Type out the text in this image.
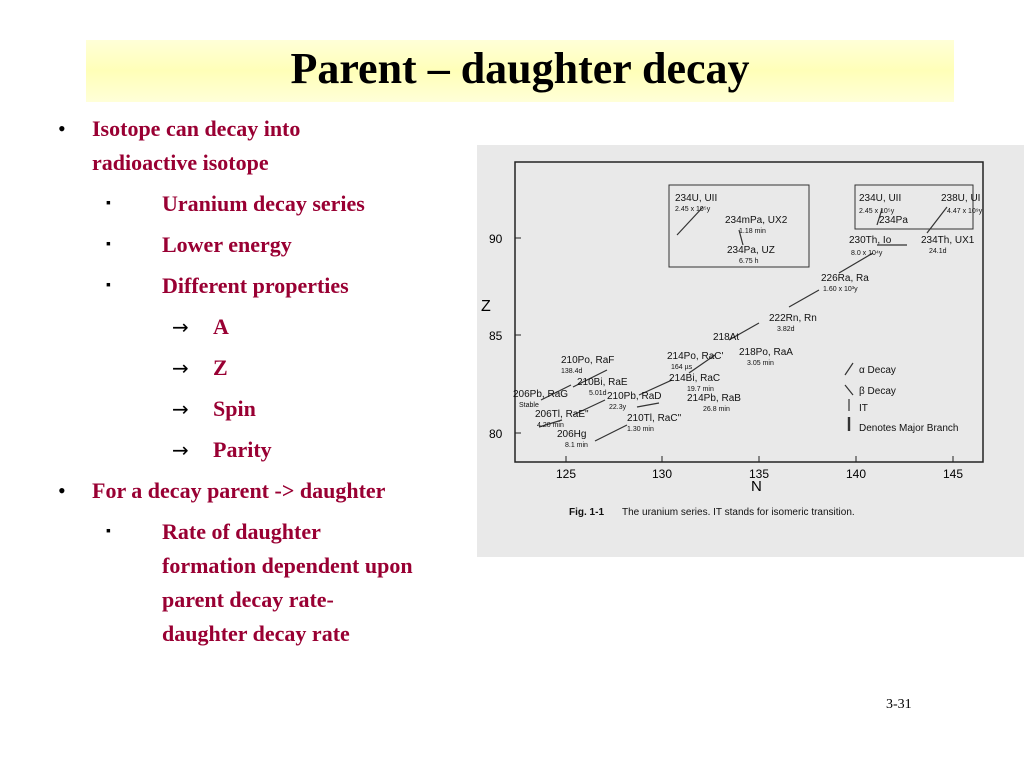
Parent – daughter decay
• Isotope can decay into
radioactive isotope
▪ Uranium decay series
▪ Lower energy
▪ Different properties
→ A
→ Z
→ Spin
→ Parity
• For a decay parent -> daughter
▪ Rate of daughter
formation dependent upon
parent decay rate-
daughter decay rate
90
85
80
Z
125	130	135	140	145
N
238U, UI
4.47 x 10⁹y
234Th, UX1
24.1d
234Pa
234U, UII
2.45 x 10⁵y
230Th, Io
8.0 x 10⁴y
226Ra, Ra
1.60 x 10³y
222Rn, Rn
3.82d
218Po, RaA
3.05 min
218At
214Po, RaC'
164 µs
214Bi, RaC
19.7 min
214Pb, RaB
26.8 min
210Po, RaF
138.4d
210Bi, RaE
5.01d 210Pb, RaD
22.3y
210Tl, RaC"
1.30 min
206Pb, RaG
Stable
206Tl, RaE"
4.20 min
206Hg
8.1 min
234Pa, UZ
6.75 h
234U, UII
2.45 x 10⁵y
234mPa, UX2
1.18 min
α Decay
β Decay
IT
Denotes Major Branch
Fig. 1-1 The uranium series. IT stands for isomeric transition.
3-31
